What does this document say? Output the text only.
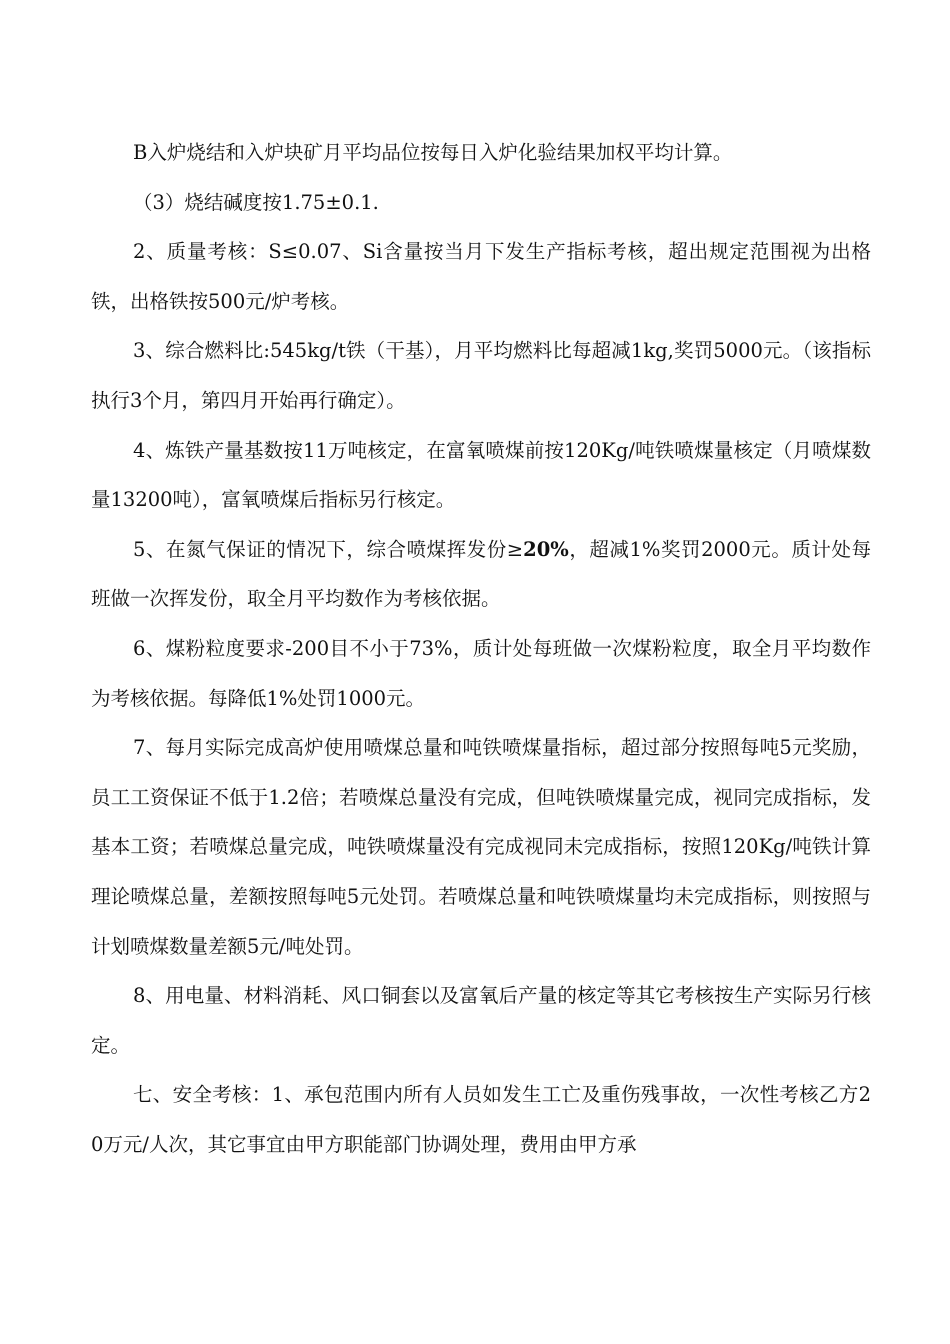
B入炉烧结和入炉块矿月平均品位按每日入炉化验结果加权平均计算。

（3）烧结碱度按1.75±0.1.

2、质量考核：S≤0.07、Si含量按当月下发生产指标考核，超出规定范围视为出格铁，出格铁按500元/炉考核。

3、综合燃料比:545kg/t铁（干基），月平均燃料比每超减1kg,奖罚5000元。（该指标执行3个月，第四月开始再行确定）。

4、炼铁产量基数按11万吨核定，在富氧喷煤前按120Kg/吨铁喷煤量核定（月喷煤数量13200吨），富氧喷煤后指标另行核定。

5、在氮气保证的情况下，综合喷煤挥发份≥20%，超减1%奖罚2000元。质计处每班做一次挥发份，取全月平均数作为考核依据。

6、煤粉粒度要求-200目不小于73%，质计处每班做一次煤粉粒度，取全月平均数作为考核依据。每降低1%处罚1000元。

7、每月实际完成高炉使用喷煤总量和吨铁喷煤量指标，超过部分按照每吨5元奖励，员工工资保证不低于1.2倍；若喷煤总量没有完成，但吨铁喷煤量完成，视同完成指标，发基本工资；若喷煤总量完成，吨铁喷煤量没有完成视同未完成指标，按照120Kg/吨铁计算理论喷煤总量，差额按照每吨5元处罚。若喷煤总量和吨铁喷煤量均未完成指标，则按照与计划喷煤数量差额5元/吨处罚。

8、用电量、材料消耗、风口铜套以及富氧后产量的核定等其它考核按生产实际另行核定。

七、安全考核：1、承包范围内所有人员如发生工亡及重伤残事故，一次性考核乙方20万元/人次，其它事宜由甲方职能部门协调处理，费用由甲方承
